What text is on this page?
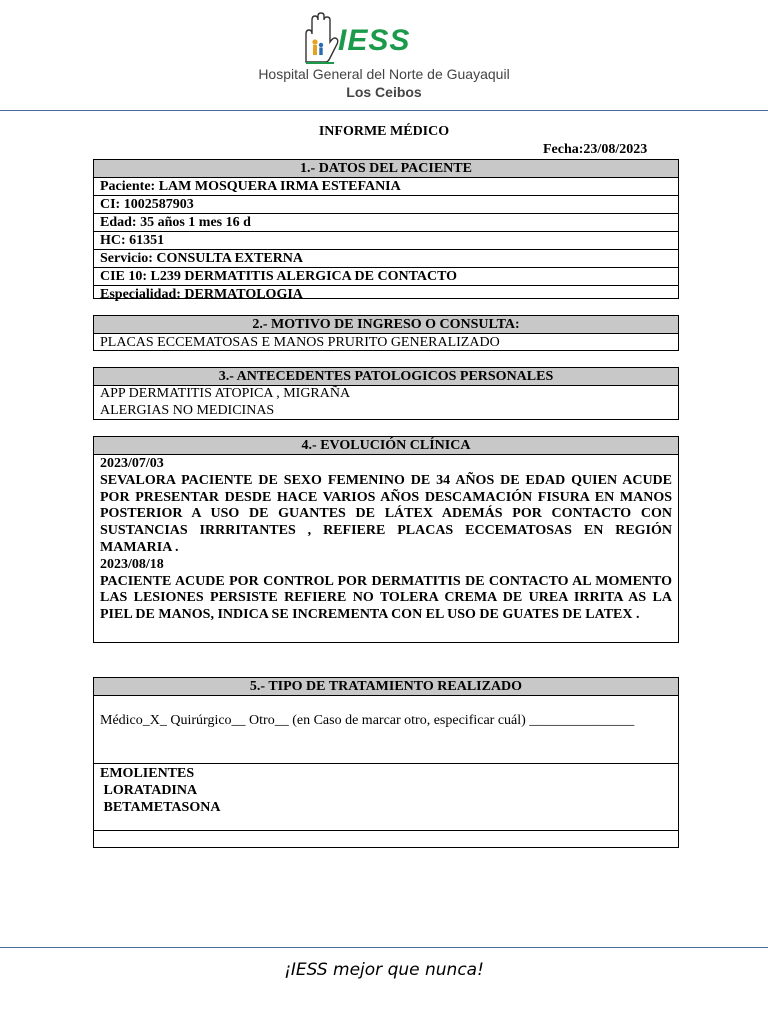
IESS
Hospital General del Norte de Guayaquil
Los Ceibos
INFORME MÉDICO
Fecha:23/08/2023
1.- DATOS DEL PACIENTE
Paciente: LAM MOSQUERA IRMA ESTEFANIA
CI: 1002587903
Edad: 35 años 1 mes 16 d
HC: 61351
Servicio: CONSULTA EXTERNA
CIE 10: L239 DERMATITIS ALERGICA DE CONTACTO
Especialidad: DERMATOLOGIA
2.- MOTIVO DE INGRESO O CONSULTA:
PLACAS ECCEMATOSAS E MANOS PRURITO GENERALIZADO
3.- ANTECEDENTES PATOLOGICOS PERSONALES
APP DERMATITIS ATOPICA , MIGRAÑA
ALERGIAS NO MEDICINAS
4.- EVOLUCIÓN CLÍNICA
2023/07/03
SEVALORA PACIENTE DE SEXO FEMENINO DE 34 AÑOS DE EDAD QUIEN ACUDE POR PRESENTAR DESDE HACE VARIOS AÑOS DESCAMACIÓN FISURA EN MANOS POSTERIOR A USO DE GUANTES DE LÁTEX ADEMÁS POR CONTACTO CON SUSTANCIAS IRRRITANTES , REFIERE PLACAS ECCEMATOSAS EN REGIÓN MAMARIA .
2023/08/18
PACIENTE ACUDE POR CONTROL POR DERMATITIS DE CONTACTO AL MOMENTO LAS LESIONES PERSISTE REFIERE NO TOLERA CREMA DE UREA IRRITA AS LA PIEL DE MANOS, INDICA SE INCREMENTA CON EL USO DE GUATES DE LATEX .
5.- TIPO DE TRATAMIENTO REALIZADO
Médico_X_ Quirúrgico__ Otro__ (en Caso de marcar otro, especificar cuál) _______________
EMOLIENTES
LORATADINA
BETAMETASONA
¡IESS mejor que nunca!
